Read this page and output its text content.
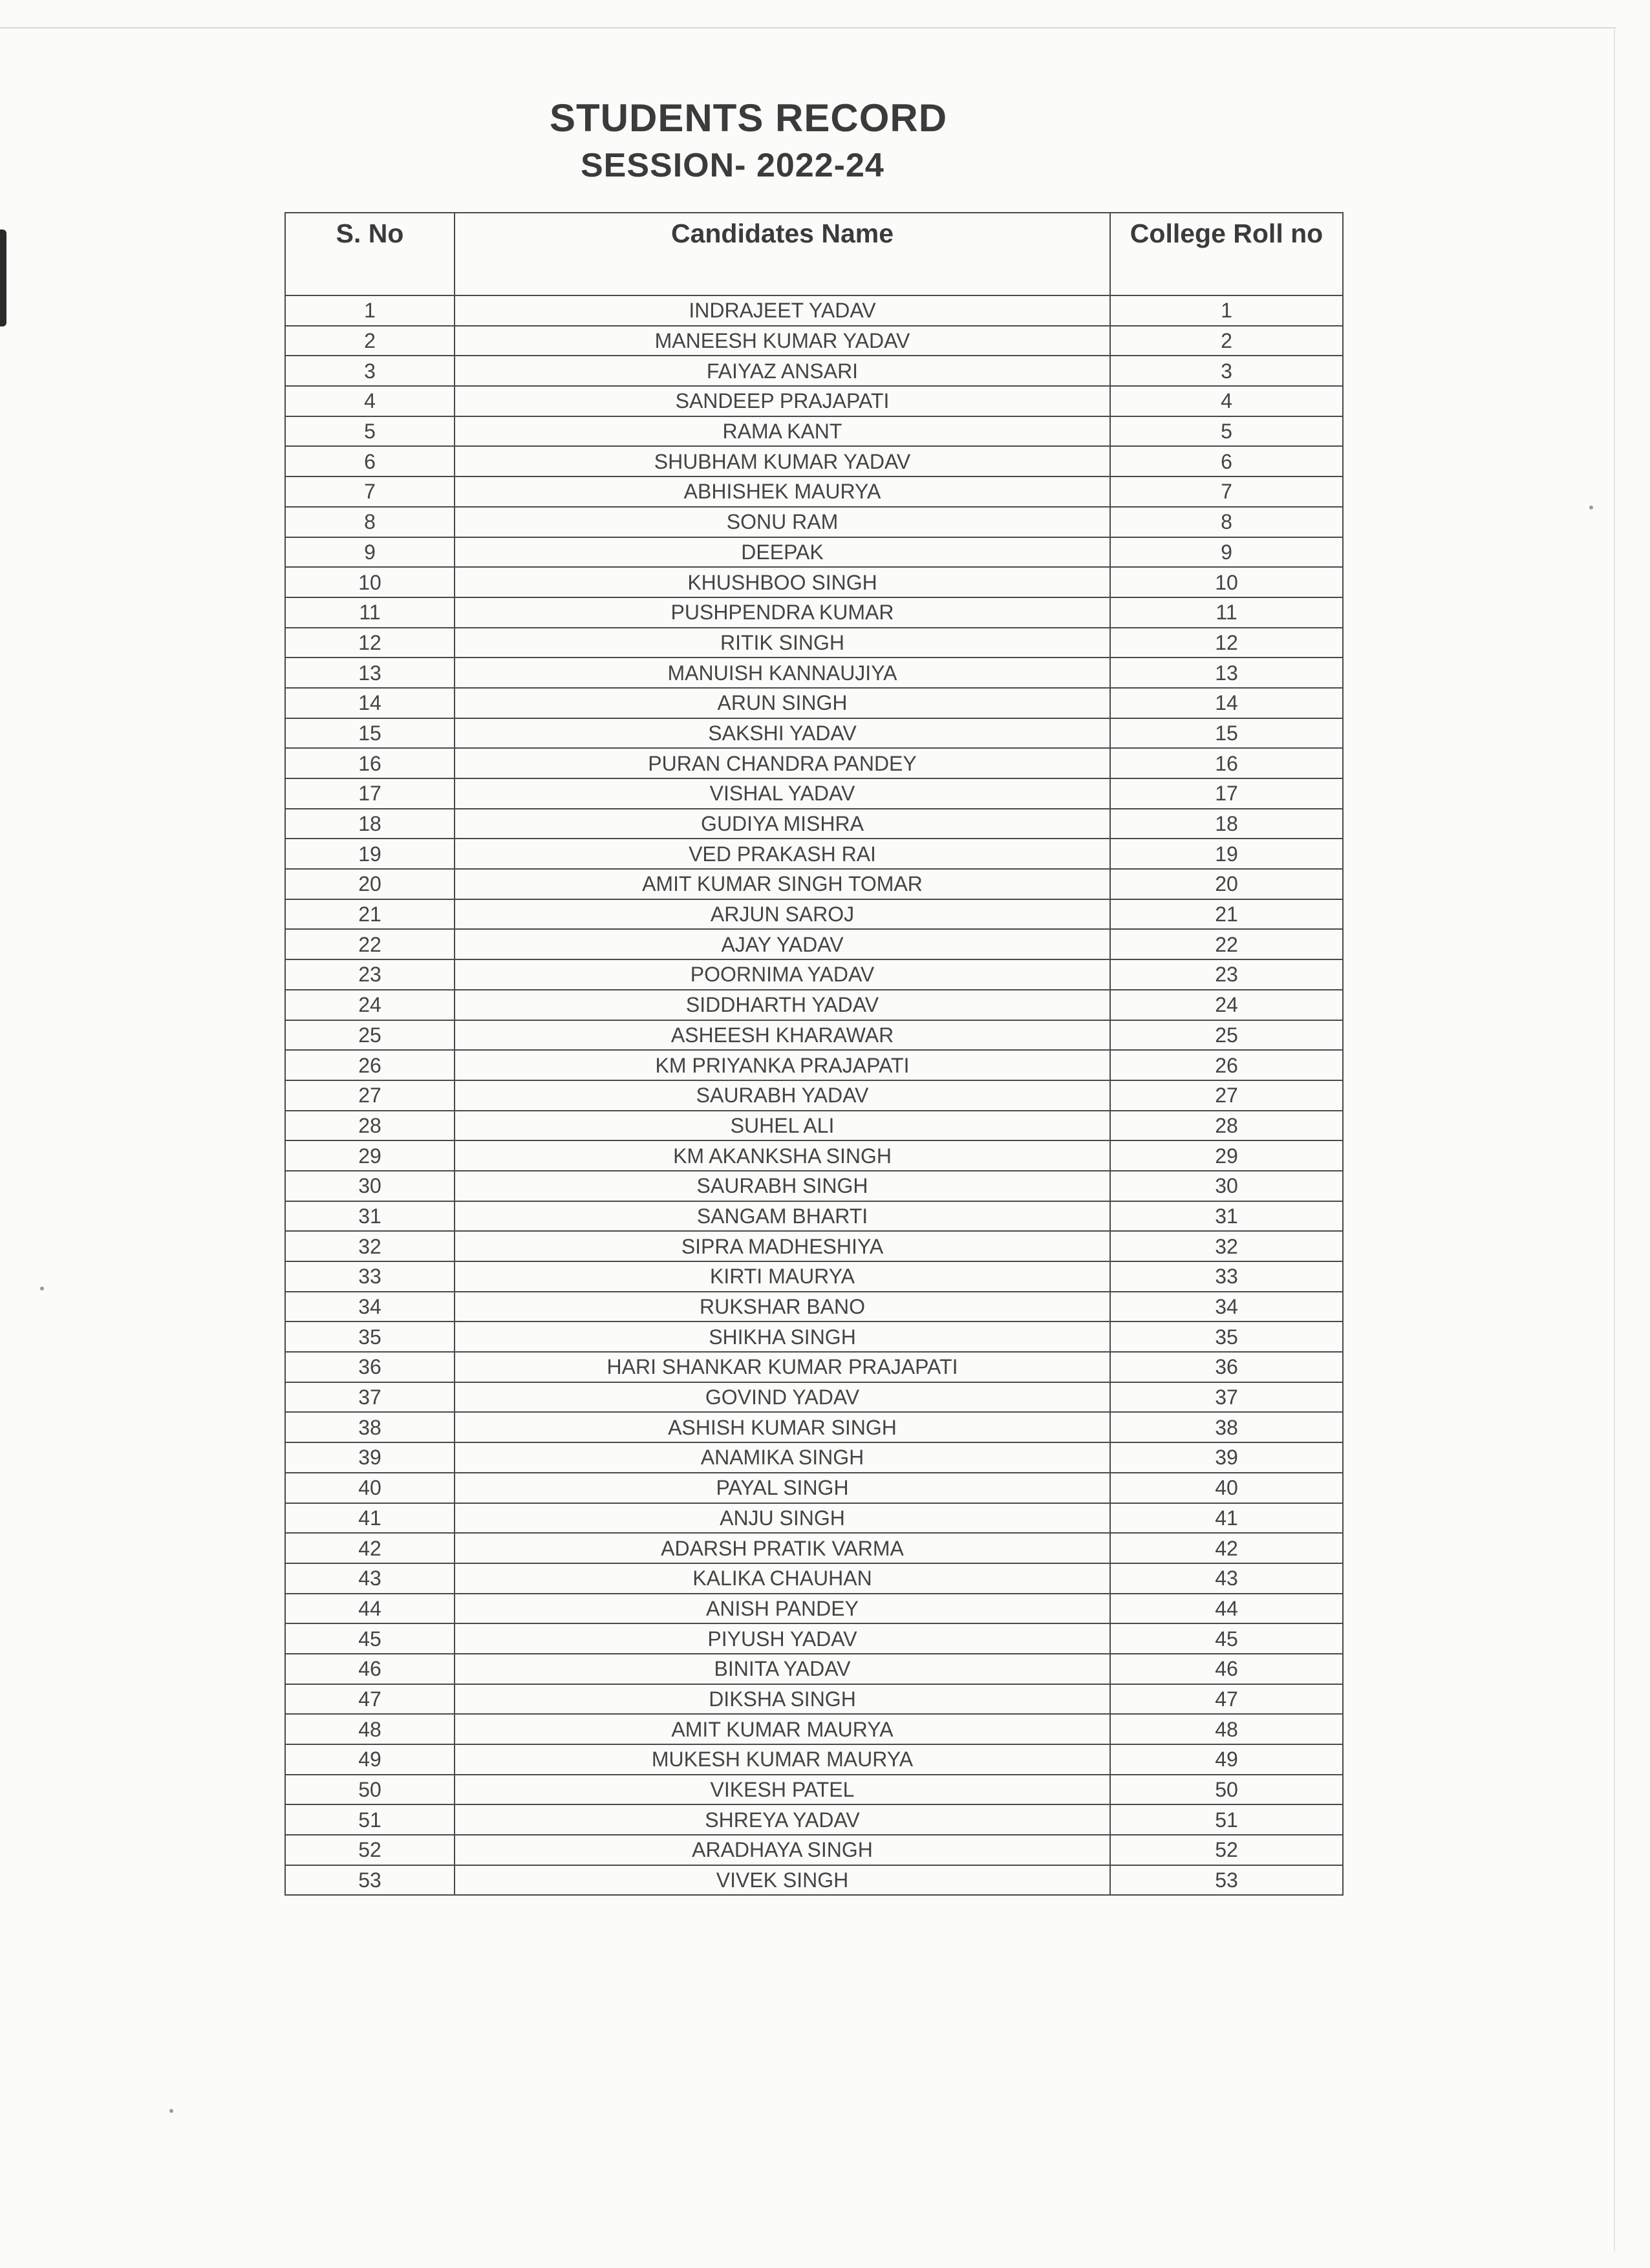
STUDENTS RECORD
SESSION- 2022-24
S. No	Candidates Name	College Roll no
1	INDRAJEET YADAV	1
2	MANEESH KUMAR YADAV	2
3	FAIYAZ ANSARI	3
4	SANDEEP PRAJAPATI	4
5	RAMA KANT	5
6	SHUBHAM KUMAR YADAV	6
7	ABHISHEK MAURYA	7
8	SONU RAM	8
9	DEEPAK	9
10	KHUSHBOO SINGH	10
11	PUSHPENDRA KUMAR	11
12	RITIK SINGH	12
13	MANUISH KANNAUJIYA	13
14	ARUN SINGH	14
15	SAKSHI YADAV	15
16	PURAN CHANDRA PANDEY	16
17	VISHAL YADAV	17
18	GUDIYA MISHRA	18
19	VED PRAKASH RAI	19
20	AMIT KUMAR SINGH TOMAR	20
21	ARJUN SAROJ	21
22	AJAY YADAV	22
23	POORNIMA YADAV	23
24	SIDDHARTH YADAV	24
25	ASHEESH KHARAWAR	25
26	KM PRIYANKA PRAJAPATI	26
27	SAURABH YADAV	27
28	SUHEL ALI	28
29	KM AKANKSHA SINGH	29
30	SAURABH SINGH	30
31	SANGAM BHARTI	31
32	SIPRA MADHESHIYA	32
33	KIRTI MAURYA	33
34	RUKSHAR BANO	34
35	SHIKHA SINGH	35
36	HARI SHANKAR KUMAR PRAJAPATI	36
37	GOVIND YADAV	37
38	ASHISH KUMAR SINGH	38
39	ANAMIKA SINGH	39
40	PAYAL SINGH	40
41	ANJU SINGH	41
42	ADARSH PRATIK VARMA	42
43	KALIKA CHAUHAN	43
44	ANISH PANDEY	44
45	PIYUSH YADAV	45
46	BINITA YADAV	46
47	DIKSHA SINGH	47
48	AMIT KUMAR MAURYA	48
49	MUKESH KUMAR MAURYA	49
50	VIKESH PATEL	50
51	SHREYA YADAV	51
52	ARADHAYA SINGH	52
53	VIVEK SINGH	53
